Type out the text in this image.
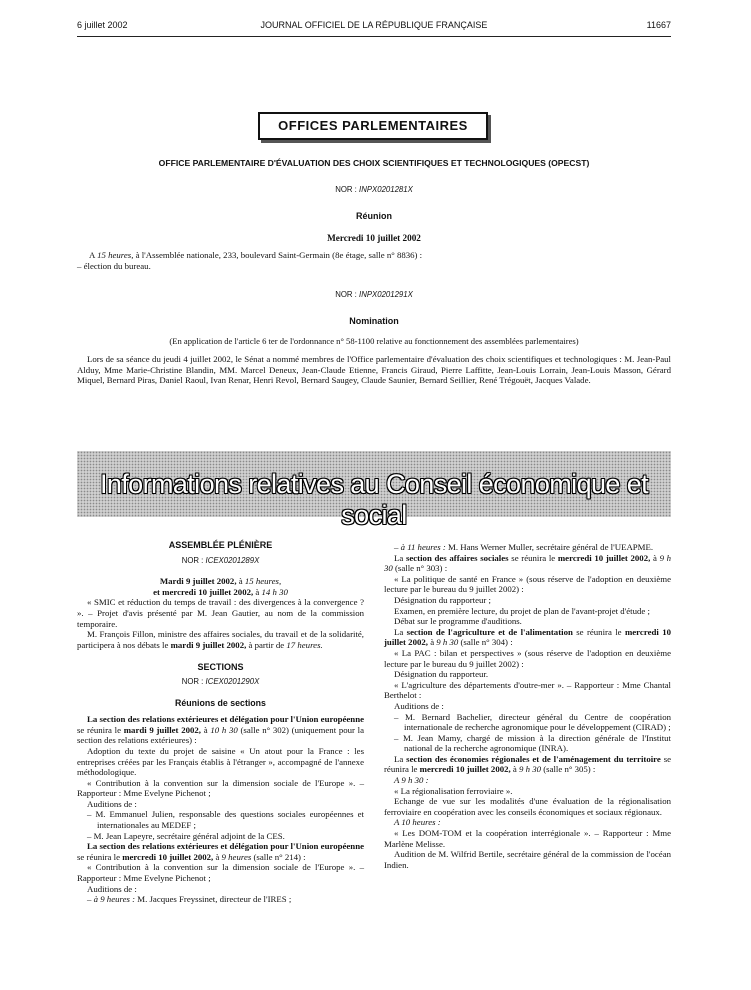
6 juillet 2002	JOURNAL OFFICIEL DE LA RÉPUBLIQUE FRANÇAISE	11667
OFFICES PARLEMENTAIRES
OFFICE PARLEMENTAIRE D'ÉVALUATION DES CHOIX SCIENTIFIQUES ET TECHNOLOGIQUES (OPECST)
NOR : INPX0201281X
Réunion
Mercredi 10 juillet 2002

A 15 heures, à l'Assemblée nationale, 233, boulevard Saint-Germain (8e étage, salle n° 8836) :

– élection du bureau.

NOR : INPX0201291X
Nomination
(En application de l'article 6 ter de l'ordonnance n° 58-1100 relative au fonctionnement des assemblées parlementaires)

Lors de sa séance du jeudi 4 juillet 2002, le Sénat a nommé membres de l'Office parlementaire d'évaluation des choix scientifiques et technologiques : M. Jean-Paul Alduy, Mme Marie-Christine Blandin, MM. Marcel Deneux, Jean-Claude Etienne, Francis Giraud, Pierre Laffitte, Jean-Louis Lorrain, Jean-Louis Masson, Gérard Miquel, Bernard Piras, Daniel Raoul, Ivan Renar, Henri Revol, Bernard Saugey, Claude Saunier, Bernard Seillier, René Trégouët, Jacques Valade.

Informations relatives au Conseil économique et social
ASSEMBLÉE PLÉNIÈRE
NOR : ICEX0201289X
Mardi 9 juillet 2002, à 15 heures,
et mercredi 10 juillet 2002, à 14 h 30

« SMIC et réduction du temps de travail : des divergences à la convergence ? ». – Projet d'avis présenté par M. Jean Gautier, au nom de la commission temporaire.

M. François Fillon, ministre des affaires sociales, du travail et de la solidarité, participera à nos débats le mardi 9 juillet 2002, à partir de 17 heures.

SECTIONS
NOR : ICEX0201290X
Réunions de sections

La section des relations extérieures et délégation pour l'Union européenne se réunira le mardi 9 juillet 2002, à 10 h 30 (salle n° 302) (uniquement pour la section des relations extérieures) :

Adoption du texte du projet de saisine « Un atout pour la France : les entreprises créées par les Français établis à l'étranger », accompagné de l'annexe méthodologique.

« Contribution à la convention sur la dimension sociale de l'Europe ». – Rapporteur : Mme Evelyne Pichenot ;

Auditions de :

– M. Emmanuel Julien, responsable des questions sociales européennes et internationales au MEDEF ;

– M. Jean Lapeyre, secrétaire général adjoint de la CES.

La section des relations extérieures et délégation pour l'Union européenne se réunira le mercredi 10 juillet 2002, à 9 heures (salle n° 214) :

« Contribution à la convention sur la dimension sociale de l'Europe ». – Rapporteur : Mme Evelyne Pichenot ;

Auditions de :

– à 9 heures : M. Jacques Freyssinet, directeur de l'IRES ;

– à 11 heures : M. Hans Werner Muller, secrétaire général de l'UEAPME.

La section des affaires sociales se réunira le mercredi 10 juillet 2002, à 9 h 30 (salle n° 303) :

« La politique de santé en France » (sous réserve de l'adoption en deuxième lecture par le bureau du 9 juillet 2002) :

Désignation du rapporteur ;

Examen, en première lecture, du projet de plan de l'avant-projet d'étude ;

Débat sur le programme d'auditions.

La section de l'agriculture et de l'alimentation se réunira le mercredi 10 juillet 2002, à 9 h 30 (salle n° 304) :

« La PAC : bilan et perspectives » (sous réserve de l'adoption en deuxième lecture par le bureau du 9 juillet 2002) :

Désignation du rapporteur.

« L'agriculture des départements d'outre-mer ». – Rapporteur : Mme Chantal Berthelot :

Auditions de :

– M. Bernard Bachelier, directeur général du Centre de coopération internationale de recherche agronomique pour le développement (CIRAD) ;

– M. Jean Mamy, chargé de mission à la direction générale de l'Institut national de la recherche agronomique (INRA).

La section des économies régionales et de l'aménagement du territoire se réunira le mercredi 10 juillet 2002, à 9 h 30 (salle n° 305) :

A 9 h 30 :

« La régionalisation ferroviaire ».

Echange de vue sur les modalités d'une évaluation de la régionalisation ferroviaire en coopération avec les conseils économiques et sociaux régionaux.

A 10 heures :

« Les DOM-TOM et la coopération interrégionale ». – Rapporteur : Mme Marlène Melisse.

Audition de M. Wilfrid Bertile, secrétaire général de la commission de l'océan Indien.
